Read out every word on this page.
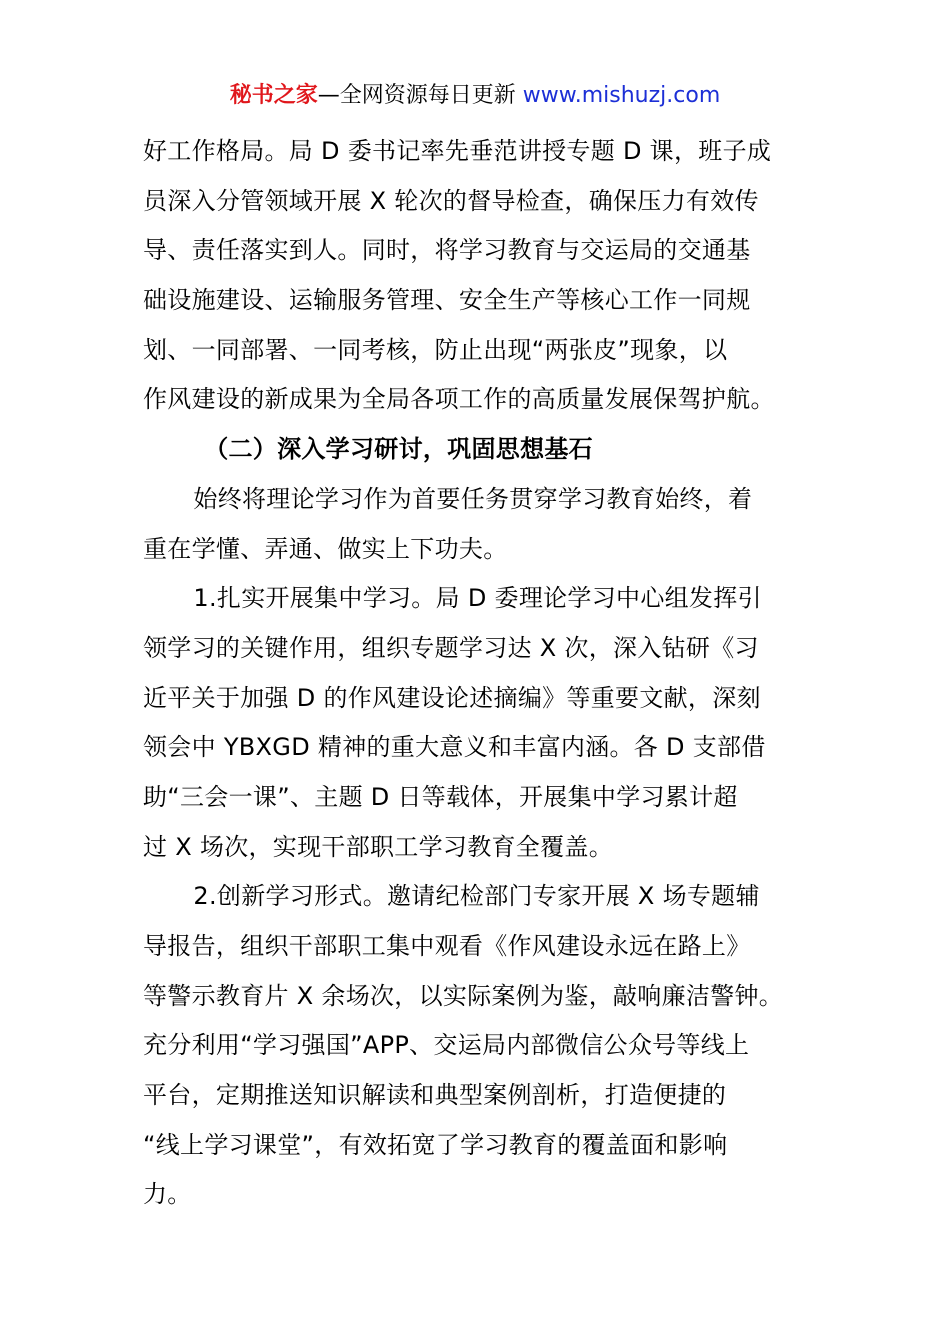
秘书之家—全网资源每日更新 www.mishuzj.com
好工作格局。局 D 委书记率先垂范讲授专题 D 课，班子成
员深入分管领域开展 X 轮次的督导检查，确保压力有效传
导、责任落实到人。同时，将学习教育与交运局的交通基
础设施建设、运输服务管理、安全生产等核心工作一同规
划、一同部署、一同考核，防止出现“两张皮”现象，以
作风建设的新成果为全局各项工作的高质量发展保驾护航。
（二）深入学习研讨，巩固思想基石
始终将理论学习作为首要任务贯穿学习教育始终，着
重在学懂、弄通、做实上下功夫。
1.扎实开展集中学习。局 D 委理论学习中心组发挥引
领学习的关键作用，组织专题学习达 X 次，深入钻研《习
近平关于加强 D 的作风建设论述摘编》等重要文献，深刻
领会中 YBXGD 精神的重大意义和丰富内涵。各 D 支部借
助“三会一课”、主题 D 日等载体，开展集中学习累计超
过 X 场次，实现干部职工学习教育全覆盖。
2.创新学习形式。邀请纪检部门专家开展 X 场专题辅
导报告，组织干部职工集中观看《作风建设永远在路上》
等警示教育片 X 余场次，以实际案例为鉴，敲响廉洁警钟。
充分利用“学习强国”APP、交运局内部微信公众号等线上
平台，定期推送知识解读和典型案例剖析，打造便捷的
“线上学习课堂”，有效拓宽了学习教育的覆盖面和影响
力。
